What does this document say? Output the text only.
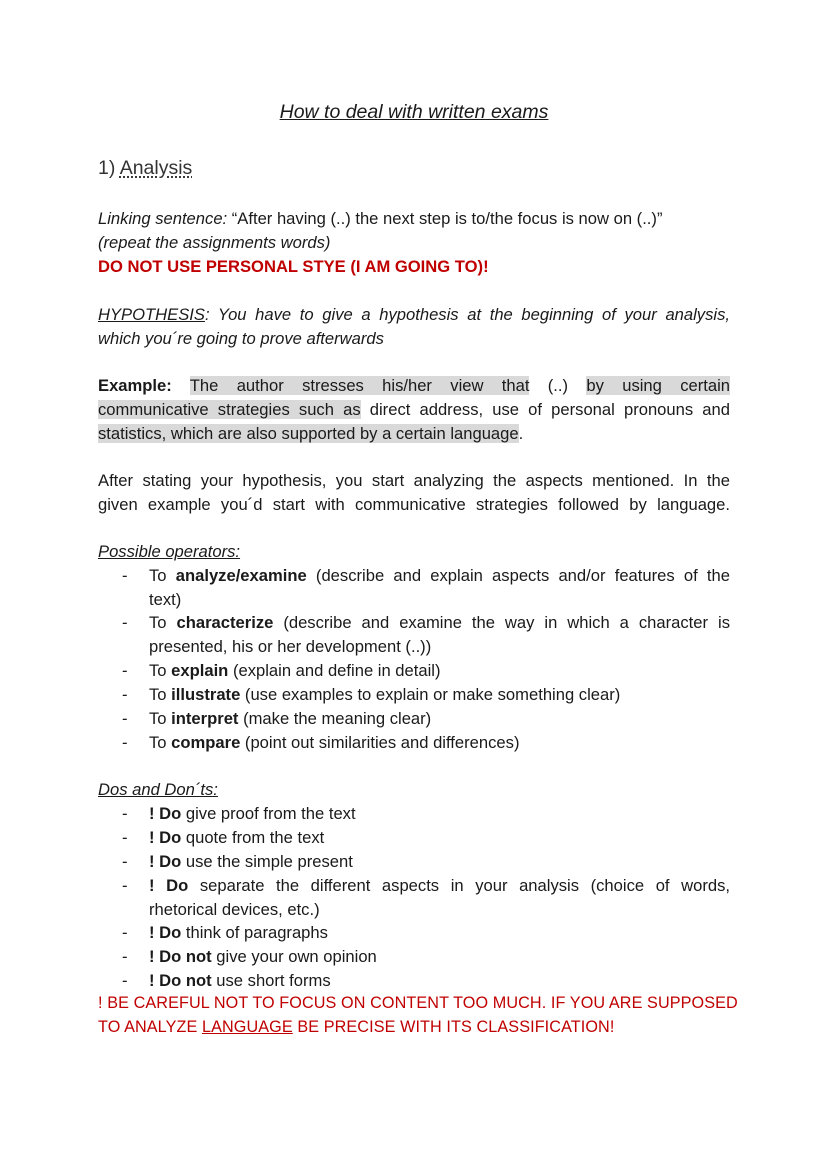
How to deal with written exams
1) Analysis
Linking sentence: “After having (..) the next step is to/the focus is now on (..)”
(repeat the assignments words)
DO NOT USE PERSONAL STYE (I AM GOING TO)!
HYPOTHESIS: You have to give a hypothesis at the beginning of your analysis,
which you´re going to prove afterwards
Example: The author stresses his/her view that (..) by using certain
communicative strategies such as direct address, use of personal pronouns and
statistics, which are also supported by a certain language.
After stating your hypothesis, you start analyzing the aspects mentioned. In the
given example you´d start with communicative strategies followed by language.
Possible operators:
- To analyze/examine (describe and explain aspects and/or features of the
text)
- To characterize (describe and examine the way in which a character is
presented, his or her development (..))
- To explain (explain and define in detail)
- To illustrate (use examples to explain or make something clear)
- To interpret (make the meaning clear)
- To compare (point out similarities and differences)
Dos and Don´ts:
- ! Do give proof from the text
- ! Do quote from the text
- ! Do use the simple present
- ! Do separate the different aspects in your analysis (choice of words,
rhetorical devices, etc.)
- ! Do think of paragraphs
- ! Do not give your own opinion
- ! Do not use short forms
! BE CAREFUL NOT TO FOCUS ON CONTENT TOO MUCH. IF YOU ARE SUPPOSED
TO ANALYZE LANGUAGE BE PRECISE WITH ITS CLASSIFICATION!
